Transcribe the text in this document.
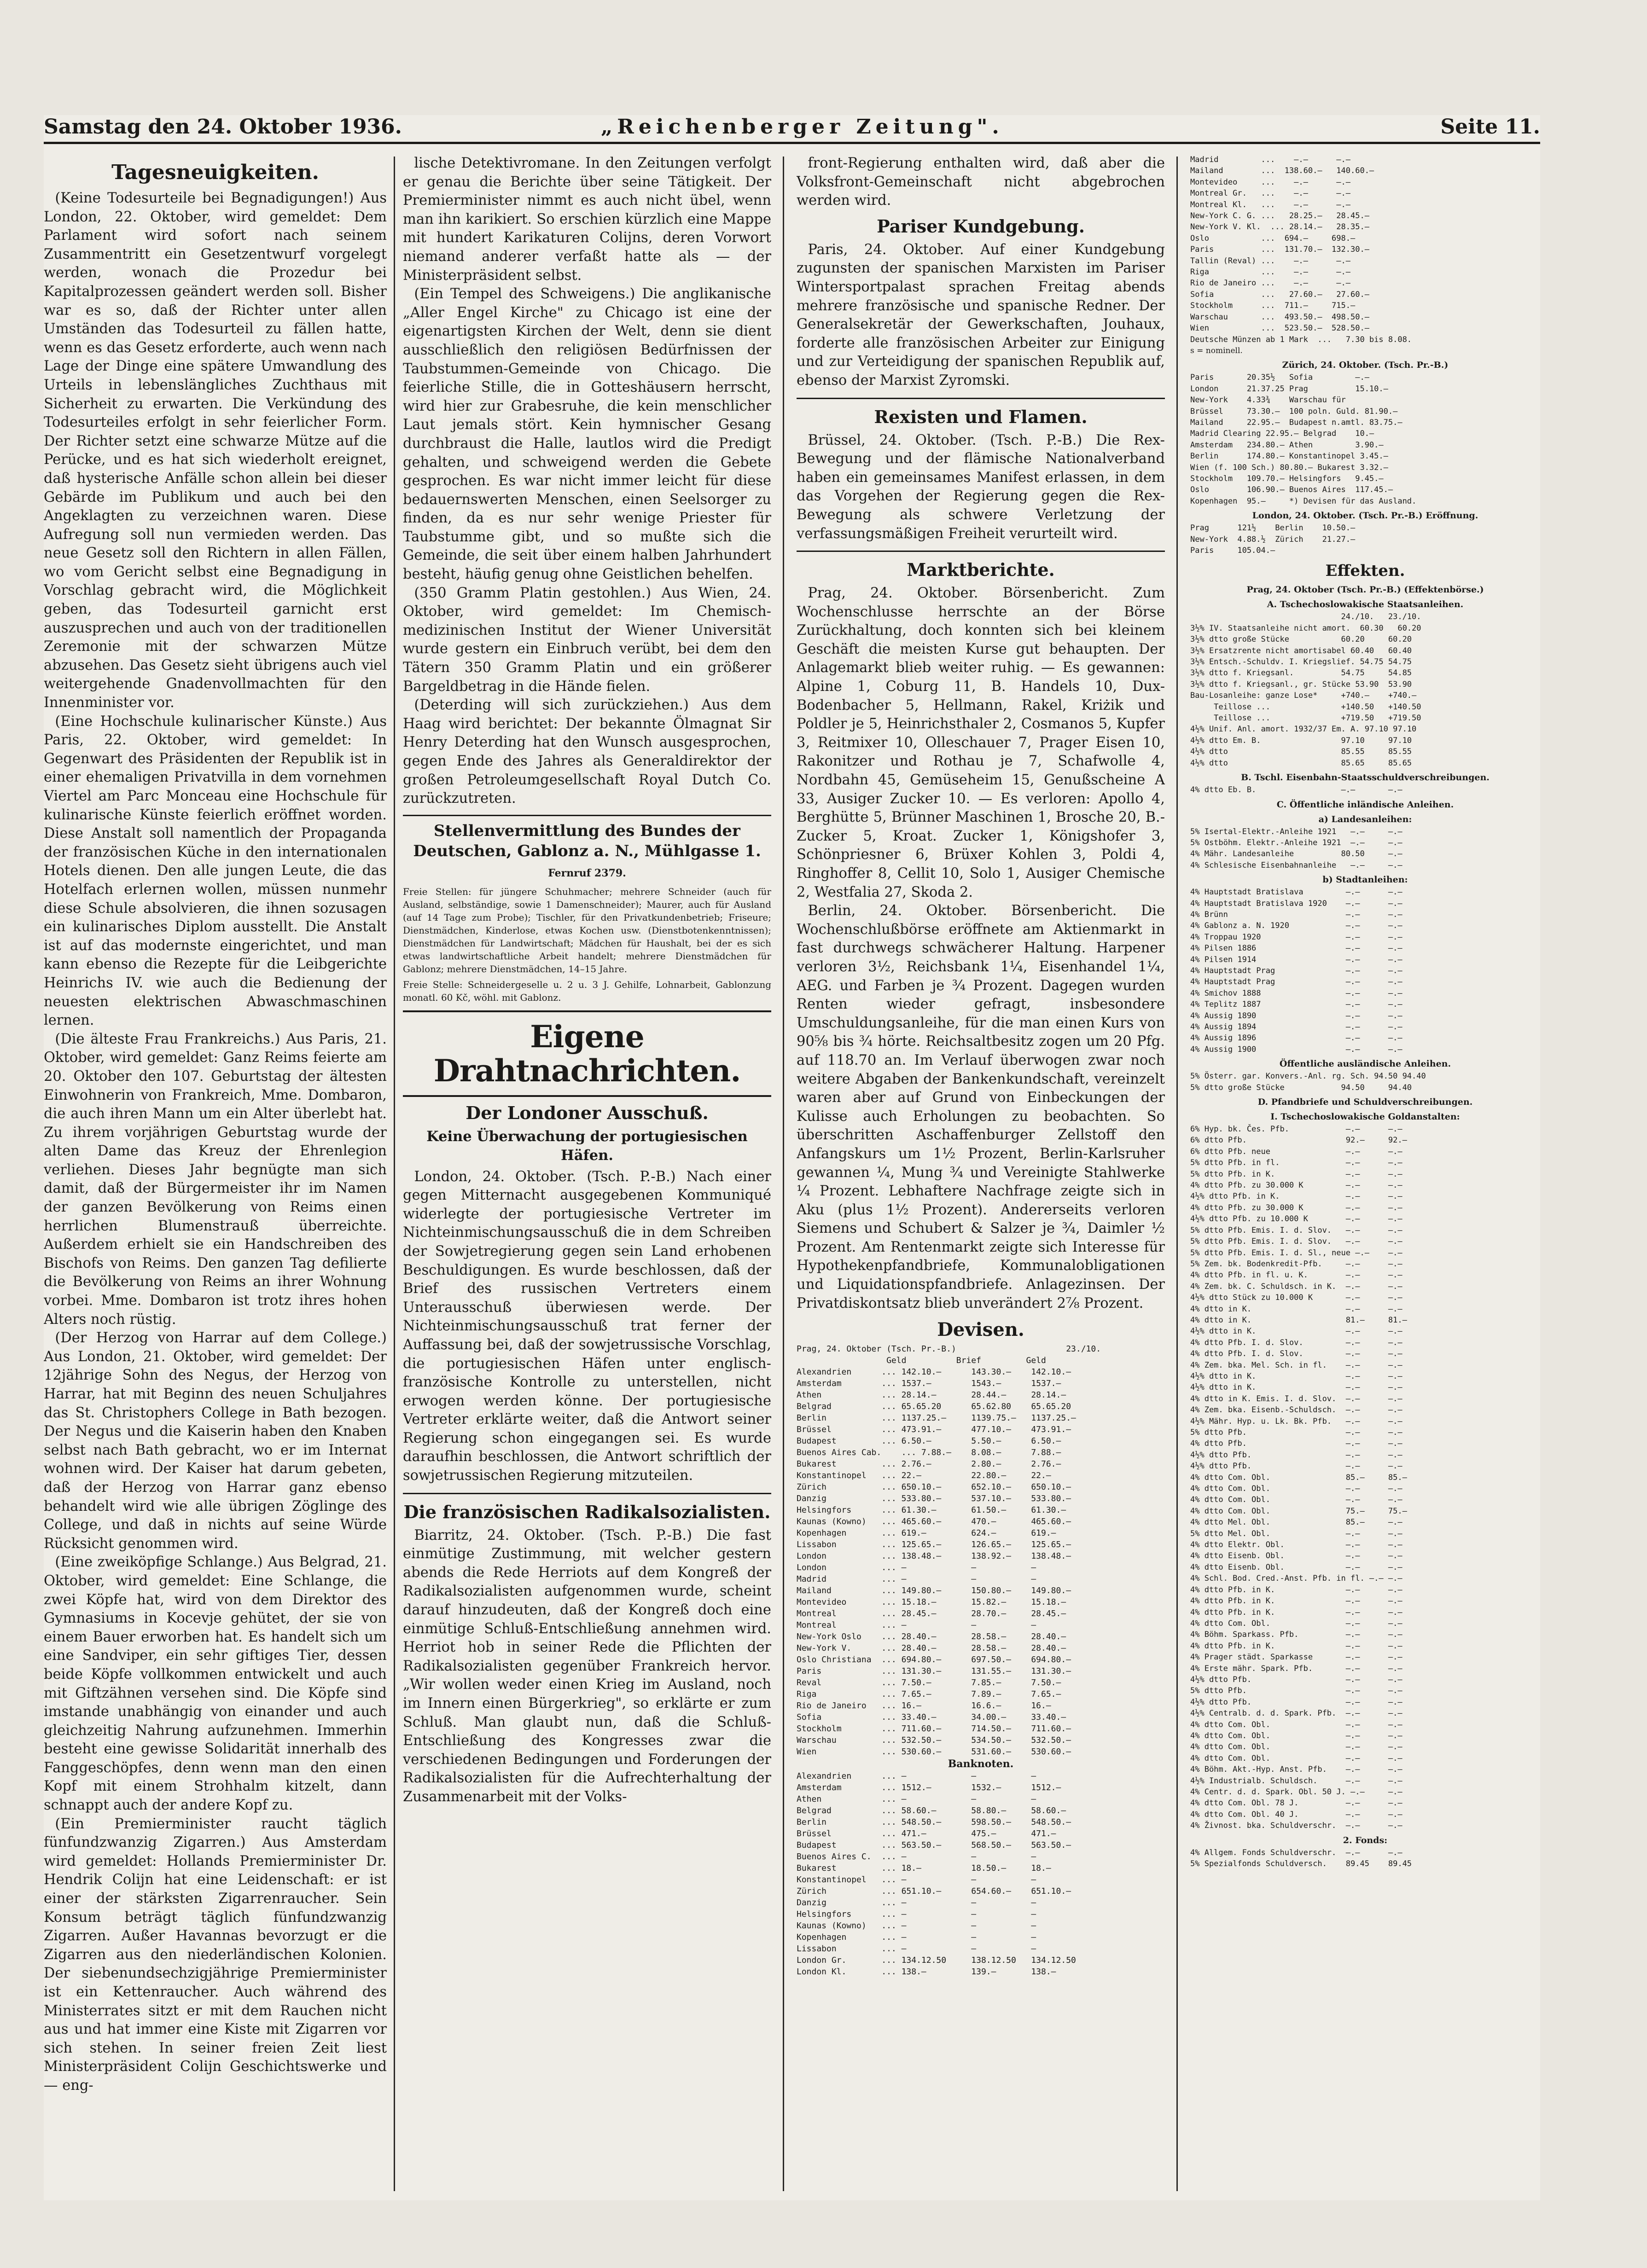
Samstag den 24. Oktober 1936.	„Reichenberger Zeitung".	Seite 11.
Tagesneuigkeiten.

(Keine Todesurteile bei Begnadigungen!) Aus London, 22. Oktober, wird gemeldet: Dem Parlament wird sofort nach seinem Zusammentritt ein Gesetzentwurf vorgelegt werden, wonach die Prozedur bei Kapitalprozessen geändert werden soll. Bisher war es so, daß der Richter unter allen Umständen das Todesurteil zu fällen hatte, wenn es das Gesetz erforderte, auch wenn nach Lage der Dinge eine spätere Umwandlung des Urteils in lebenslängliches Zuchthaus mit Sicherheit zu erwarten. Die Verkündung des Todesurteiles erfolgt in sehr feierlicher Form. Der Richter setzt eine schwarze Mütze auf die Perücke, und es hat sich wiederholt ereignet, daß hysterische Anfälle schon allein bei dieser Gebärde im Publikum und auch bei den Angeklagten zu verzeichnen waren. Diese Aufregung soll nun vermieden werden. Das neue Gesetz soll den Richtern in allen Fällen, wo vom Gericht selbst eine Begnadigung in Vorschlag gebracht wird, die Möglichkeit geben, das Todesurteil garnicht erst auszusprechen und auch von der traditionellen Zeremonie mit der schwarzen Mütze abzusehen. Das Gesetz sieht übrigens auch viel weitergehende Gnadenvollmachten für den Innenminister vor.

(Eine Hochschule kulinarischer Künste.) Aus Paris, 22. Oktober, wird gemeldet: In Gegenwart des Präsidenten der Republik ist in einer ehemaligen Privatvilla in dem vornehmen Viertel am Parc Monceau eine Hochschule für kulinarische Künste feierlich eröffnet worden. Diese Anstalt soll namentlich der Propaganda der französischen Küche in den internationalen Hotels dienen. Den alle jungen Leute, die das Hotelfach erlernen wollen, müssen nunmehr diese Schule absolvieren, die ihnen sozusagen ein kulinarisches Diplom ausstellt. Die Anstalt ist auf das modernste eingerichtet, und man kann ebenso die Rezepte für die Leibgerichte Heinrichs IV. wie auch die Bedienung der neuesten elektrischen Abwaschmaschinen lernen.

(Die älteste Frau Frankreichs.) Aus Paris, 21. Oktober, wird gemeldet: Ganz Reims feierte am 20. Oktober den 107. Geburtstag der ältesten Einwohnerin von Frankreich, Mme. Dombaron, die auch ihren Mann um ein Alter überlebt hat. Zu ihrem vorjährigen Geburtstag wurde der alten Dame das Kreuz der Ehrenlegion verliehen. Dieses Jahr begnügte man sich damit, daß der Bürgermeister ihr im Namen der ganzen Bevölkerung von Reims einen herrlichen Blumenstrauß überreichte. Außerdem erhielt sie ein Handschreiben des Bischofs von Reims. Den ganzen Tag defilierte die Bevölkerung von Reims an ihrer Wohnung vorbei. Mme. Dombaron ist trotz ihres hohen Alters noch rüstig.

(Der Herzog von Harrar auf dem College.) Aus London, 21. Oktober, wird gemeldet: Der 12jährige Sohn des Negus, der Herzog von Harrar, hat mit Beginn des neuen Schuljahres das St. Christophers College in Bath bezogen. Der Negus und die Kaiserin haben den Knaben selbst nach Bath gebracht, wo er im Internat wohnen wird. Der Kaiser hat darum gebeten, daß der Herzog von Harrar ganz ebenso behandelt wird wie alle übrigen Zöglinge des College, und daß in nichts auf seine Würde Rücksicht genommen wird.

(Eine zweiköpfige Schlange.) Aus Belgrad, 21. Oktober, wird gemeldet: Eine Schlange, die zwei Köpfe hat, wird von dem Direktor des Gymnasiums in Kocevje gehütet, der sie von einem Bauer erworben hat. Es handelt sich um eine Sandviper, ein sehr giftiges Tier, dessen beide Köpfe vollkommen entwickelt und auch mit Giftzähnen versehen sind. Die Köpfe sind imstande unabhängig von einander und auch gleichzeitig Nahrung aufzunehmen. Immerhin besteht eine gewisse Solidarität innerhalb des Fanggeschöpfes, denn wenn man den einen Kopf mit einem Strohhalm kitzelt, dann schnappt auch der andere Kopf zu.

(Ein Premierminister raucht täglich fünfundzwanzig Zigarren.) Aus Amsterdam wird gemeldet: Hollands Premierminister Dr. Hendrik Colijn hat eine Leidenschaft: er ist einer der stärksten Zigarrenraucher. Sein Konsum beträgt täglich fünfundzwanzig Zigarren. Außer Havannas bevorzugt er die Zigarren aus den niederländischen Kolonien. Der siebenundsechzigjährige Premierminister ist ein Kettenraucher. Auch während des Ministerrates sitzt er mit dem Rauchen nicht aus und hat immer eine Kiste mit Zigarren vor sich stehen. In seiner freien Zeit liest Ministerpräsident Colijn Geschichtswerke und — eng-

lische Detektivromane. In den Zeitungen verfolgt er genau die Berichte über seine Tätigkeit. Der Premierminister nimmt es auch nicht übel, wenn man ihn karikiert. So erschien kürzlich eine Mappe mit hundert Karikaturen Colijns, deren Vorwort niemand anderer verfaßt hatte als — der Ministerpräsident selbst.

(Ein Tempel des Schweigens.) Die anglikanische „Aller Engel Kirche" zu Chicago ist eine der eigenartigsten Kirchen der Welt, denn sie dient ausschließlich den religiösen Bedürfnissen der Taubstummen-Gemeinde von Chicago. Die feierliche Stille, die in Gotteshäusern herrscht, wird hier zur Grabesruhe, die kein menschlicher Laut jemals stört. Kein hymnischer Gesang durchbraust die Halle, lautlos wird die Predigt gehalten, und schweigend werden die Gebete gesprochen. Es war nicht immer leicht für diese bedauernswerten Menschen, einen Seelsorger zu finden, da es nur sehr wenige Priester für Taubstumme gibt, und so mußte sich die Gemeinde, die seit über einem halben Jahrhundert besteht, häufig genug ohne Geistlichen behelfen.

(350 Gramm Platin gestohlen.) Aus Wien, 24. Oktober, wird gemeldet: Im Chemisch-medizinischen Institut der Wiener Universität wurde gestern ein Einbruch verübt, bei dem den Tätern 350 Gramm Platin und ein größerer Bargeldbetrag in die Hände fielen.

(Deterding will sich zurückziehen.) Aus dem Haag wird berichtet: Der bekannte Ölmagnat Sir Henry Deterding hat den Wunsch ausgesprochen, gegen Ende des Jahres als Generaldirektor der großen Petroleumgesellschaft Royal Dutch Co. zurückzutreten.

Stellenvermittlung des Bundes der Deutschen, Gablonz a. N., Mühlgasse 1.
Fernruf 2379.
Freie Stellen: für jüngere Schuhmacher; mehrere Schneider (auch für Ausland, selbständige, sowie 1 Damenschneider); Maurer, auch für Ausland (auf 14 Tage zum Probe); Tischler, für den Privatkundenbetrieb; Friseure; Dienstmädchen, Kinderlose, etwas Kochen usw. (Dienstbotenkenntnissen); Dienstmädchen für Landwirtschaft; Mädchen für Haushalt, bei der es sich etwas landwirtschaftliche Arbeit handelt; mehrere Dienstmädchen für Gablonz; mehrere Dienstmädchen, 14–15 Jahre.
Freie Stelle: Schneidergeselle u. 2 u. 3 J. Gehilfe, Lohnarbeit, Gablonzung monatl. 60 Kč, wöhl. mit Gablonz.
Eigene Drahtnachrichten.
Der Londoner Ausschuß.
Keine Überwachung der portugiesischen Häfen.

London, 24. Oktober. (Tsch. P.-B.) Nach einer gegen Mitternacht ausgegebenen Kommuniqué widerlegte der portugiesische Vertreter im Nichteinmischungsausschuß die in dem Schreiben der Sowjetregierung gegen sein Land erhobenen Beschuldigungen. Es wurde beschlossen, daß der Brief des russischen Vertreters einem Unterausschuß überwiesen werde. Der Nichteinmischungsausschuß trat ferner der Auffassung bei, daß der sowjetrussische Vorschlag, die portugiesischen Häfen unter englisch-französische Kontrolle zu unterstellen, nicht erwogen werden könne. Der portugiesische Vertreter erklärte weiter, daß die Antwort seiner Regierung schon eingegangen sei. Es wurde daraufhin beschlossen, die Antwort schriftlich der sowjetrussischen Regierung mitzuteilen.

Die französischen Radikalsozialisten.

Biarritz, 24. Oktober. (Tsch. P.-B.) Die fast einmütige Zustimmung, mit welcher gestern abends die Rede Herriots auf dem Kongreß der Radikalsozialisten aufgenommen wurde, scheint darauf hinzudeuten, daß der Kongreß doch eine einmütige Schluß-Entschließung annehmen wird. Herriot hob in seiner Rede die Pflichten der Radikalsozialisten gegenüber Frankreich hervor. „Wir wollen weder einen Krieg im Ausland, noch im Innern einen Bürgerkrieg", so erklärte er zum Schluß. Man glaubt nun, daß die Schluß-Entschließung des Kongresses zwar die verschiedenen Bedingungen und Forderungen der Radikalsozialisten für die Aufrechterhaltung der Zusammenarbeit mit der Volks-

front-Regierung enthalten wird, daß aber die Volksfront-Gemeinschaft nicht abgebrochen werden wird.

Pariser Kundgebung.

Paris, 24. Oktober. Auf einer Kundgebung zugunsten der spanischen Marxisten im Pariser Wintersportpalast sprachen Freitag abends mehrere französische und spanische Redner. Der Generalsekretär der Gewerkschaften, Jouhaux, forderte alle französischen Arbeiter zur Einigung und zur Verteidigung der spanischen Republik auf, ebenso der Marxist Zyromski.

Rexisten und Flamen.

Brüssel, 24. Oktober. (Tsch. P.-B.) Die Rex-Bewegung und der flämische Nationalverband haben ein gemeinsames Manifest erlassen, in dem das Vorgehen der Regierung gegen die Rex-Bewegung als schwere Verletzung der verfassungsmäßigen Freiheit verurteilt wird.

Marktberichte.

Prag, 24. Oktober. Börsenbericht. Zum Wochenschlusse herrschte an der Börse Zurückhaltung, doch konnten sich bei kleinem Geschäft die meisten Kurse gut behaupten. Der Anlagemarkt blieb weiter ruhig. — Es gewannen: Alpine 1, Coburg 11, B. Handels 10, Dux-Bodenbacher 5, Hellmann, Rakel, Kriżik und Poldler je 5, Heinrichsthaler 2, Cosmanos 5, Kupfer 3, Reitmixer 10, Olleschauer 7, Prager Eisen 10, Rakonitzer und Rothau je 7, Schafwolle 4, Nordbahn 45, Gemüseheim 15, Genußscheine A 33, Ausiger Zucker 10. — Es verloren: Apollo 4, Berghütte 5, Brünner Maschinen 1, Brosche 20, B.-Zucker 5, Kroat. Zucker 1, Königshofer 3, Schönpriesner 6, Brüxer Kohlen 3, Poldi 4, Ringhoffer 8, Cellit 10, Solo 1, Ausiger Chemische 2, Westfalia 27, Skoda 2.

Berlin, 24. Oktober. Börsenbericht. Die Wochenschlußbörse eröffnete am Aktienmarkt in fast durchwegs schwächerer Haltung. Harpener verloren 3½, Reichsbank 1¼, Eisenhandel 1¼, AEG. und Farben je ¾ Prozent. Dagegen wurden Renten wieder gefragt, insbesondere Umschuldungsanleihe, für die man einen Kurs von 90⅝ bis ¾ hörte. Reichsaltbesitz zogen um 20 Pfg. auf 118.70 an. Im Verlauf überwogen zwar noch weitere Abgaben der Bankenkundschaft, vereinzelt waren aber auf Grund von Einbeckungen der Kulisse auch Erholungen zu beobachten. So überschritten Aschaffenburger Zellstoff den Anfangskurs um 1½ Prozent, Berlin-Karlsruher gewannen ¼, Mung ¾ und Vereinigte Stahlwerke ¼ Prozent. Lebhaftere Nachfrage zeigte sich in Aku (plus 1½ Prozent). Andererseits verloren Siemens und Schubert & Salzer je ¾, Daimler ½ Prozent. Am Rentenmarkt zeigte sich Interesse für Hypothekenpfandbriefe, Kommunalobligationen und Liquidationspfandbriefe. Anlagezinsen. Der Privatdiskontsatz blieb unverändert 2⅞ Prozent.

Devisen.
Prag, 24. Oktober (Tsch. Pr.-B.)                      23./10.
Geld          Brief         Geld
Alexandrien      ... 142.10.—      143.30.—    142.10.—
Amsterdam        ... 1537.—        1543.—      1537.—
Athen            ... 28.14.—       28.44.—     28.14.—
Belgrad          ... 65.65.20      65.62.80    65.65.20
Berlin           ... 1137.25.—     1139.75.—   1137.25.—
Brüssel          ... 473.91.—      477.10.—    473.91.—
Budapest         ... 6.50.—        5.50.—      6.50.—
Buenos Aires Cab.    ... 7.88.—    8.08.—      7.88.—
Bukarest         ... 2.76.—        2.80.—      2.76.—
Konstantinopel   ... 22.—          22.80.—     22.—
Zürich           ... 650.10.—      652.10.—    650.10.—
Danzig           ... 533.80.—      537.10.—    533.80.—
Helsingfors      ... 61.30.—       61.50.—     61.30.—
Kaunas (Kowno)   ... 465.60.—      470.—       465.60.—
Kopenhagen       ... 619.—         624.—       619.—
Lissabon         ... 125.65.—      126.65.—    125.65.—
London           ... 138.48.—      138.92.—    138.48.—
London           ... —             —           —
Madrid           ... —             —           —
Mailand          ... 149.80.—      150.80.—    149.80.—
Montevideo       ... 15.18.—       15.82.—     15.18.—
Montreal         ... 28.45.—       28.70.—     28.45.—
Montreal         ... —             —           —
New-York Oslo    ... 28.40.—       28.58.—     28.40.—
New-York V.      ... 28.40.—       28.58.—     28.40.—
Oslo Christiana  ... 694.80.—      697.50.—    694.80.—
Paris            ... 131.30.—      131.55.—    131.30.—
Reval            ... 7.50.—        7.85.—      7.50.—
Riga             ... 7.65.—        7.89.—      7.65.—
Rio de Janeiro   ... 16.—          16.6.—      16.—
Sofia            ... 33.40.—       34.00.—     33.40.—
Stockholm        ... 711.60.—      714.50.—    711.60.—
Warschau         ... 532.50.—      534.50.—    532.50.—
Wien             ... 530.60.—      531.60.—    530.60.—
Banknoten.
Alexandrien      ... —             —           —
Amsterdam        ... 1512.—        1532.—      1512.—
Athen            ... —             —           —
Belgrad          ... 58.60.—       58.80.—     58.60.—
Berlin           ... 548.50.—      598.50.—    548.50.—
Brüssel          ... 471.—         475.—       471.—
Budapest         ... 563.50.—      568.50.—    563.50.—
Buenos Aires C.  ... —             —           —
Bukarest         ... 18.—          18.50.—     18.—
Konstantinopel   ... —             —           —
Zürich           ... 651.10.—      654.60.—    651.10.—
Danzig           ... —             —           —
Helsingfors      ... —             —           —
Kaunas (Kowno)   ... —             —           —
Kopenhagen       ... —             —           —
Lissabon         ... —             —           —
London Gr.       ... 134.12.50     138.12.50   134.12.50
London Kl.       ... 138.—         139.—       138.—
Madrid         ...    —.—      —.—
Mailand        ...  138.60.—   140.60.—
Montevideo     ...    —.—      —.—
Montreal Gr.   ...    —.—      —.—
Montreal Kl.   ...    —.—      —.—
New-York C. G. ...   28.25.—   28.45.—
New-York V. Kl.  ... 28.14.—   28.35.—
Oslo           ...  694.—     698.—
Paris          ...  131.70.—  132.30.—
Tallin (Reval) ...    —.—      —.—
Riga           ...    —.—      —.—
Rio de Janeiro ...    —.—      —.—
Sofia          ...   27.60.—   27.60.—
Stockholm      ...  711.—     715.—
Warschau       ...  493.50.—  498.50.—
Wien           ...  523.50.—  528.50.—
Deutsche Münzen ab 1 Mark  ...   7.30 bis 8.08.
s = nominell.
Zürich, 24. Oktober. (Tsch. Pr.-B.)
Paris       20.35½   Sofia         —.—
London      21.37.25 Prag          15.10.—
New-York    4.33¾    Warschau für
Brüssel     73.30.—  100 poln. Guld. 81.90.—
Mailand     22.95.—  Budapest n.amtl. 83.75.—
Madrid Clearing 22.95.— Belgrad    10.—
Amsterdam   234.80.— Athen         3.90.—
Berlin      174.80.— Konstantinopel 3.45.—
Wien (f. 100 Sch.) 80.80.— Bukarest 3.32.—
Stockholm   109.70.— Helsingfors   9.45.—
Oslo        106.90.— Buenos Aires  117.45.—
Kopenhagen  95.—     *) Devisen für das Ausland.
London, 24. Oktober. (Tsch. Pr.-B.) Eröffnung.
Prag      121½    Berlin    10.50.—
New-York  4.88.½  Zürich    21.27.—
Paris     105.04.—
Effekten.
Prag, 24. Oktober (Tsch. Pr.-B.) (Effektenbörse.)
A. Tschechoslowakische Staatsanleihen.
24./10.   23./10.
3½% IV. Staatsanleihe nicht amort.  60.30   60.20
3½% dtto große Stücke           60.20     60.20
3½% Ersatzrente nicht amortisabel 60.40   60.40
3½% Entsch.-Schuldv. I. Kriegslief. 54.75 54.75
3½% dtto f. Kriegsanl.          54.75     54.85
3½% dtto f. Kriegsanl., gr. Stücke 53.90  53.90
Bau-Losanleihe: ganze Lose*     +740.—    +740.—
Teillose ...               +140.50   +140.50
Teillose ...               +719.50   +719.50
4½% Unif. Anl. amort. 1932/37 Em. A. 97.10 97.10
4½% dtto Em. B.                 97.10     97.10
4½% dtto                        85.55     85.55
4½% dtto                        85.65     85.65
B. Tschl. Eisenbahn-Staatsschuldverschreibungen.
4% dtto Eb. B.                  —.—       —.—
C. Öffentliche inländische Anleihen.
a) Landesanleihen:
5% Isertal-Elektr.-Anleihe 1921   —.—     —.—
5% Ostböhm. Elektr.-Anleihe 1921  —.—     —.—
4% Mähr. Landesanleihe          80.50     —.—
4% Schlesische Eisenbahnanleihe   —.—     —.—
b) Stadtanleihen:
4% Hauptstadt Bratislava         —.—      —.—
4% Hauptstadt Bratislava 1920    —.—      —.—
4% Brünn                         —.—      —.—
4% Gablonz a. N. 1920            —.—      —.—
4% Troppau 1920                  —.—      —.—
4% Pilsen 1886                   —.—      —.—
4% Pilsen 1914                   —.—      —.—
4% Hauptstadt Prag               —.—      —.—
4% Hauptstadt Prag               —.—      —.—
4% Smichov 1888                  —.—      —.—
4% Teplitz 1887                  —.—      —.—
4% Aussig 1890                   —.—      —.—
4% Aussig 1894                   —.—      —.—
4% Aussig 1896                   —.—      —.—
4% Aussig 1900                   —.—      —.—
Öffentliche ausländische Anleihen.
5% Österr. gar. Konvers.-Anl. rg. Sch. 94.50 94.40
5% dtto große Stücke            94.50     94.40
D. Pfandbriefe und Schuldverschreibungen.
I. Tschechoslowakische Goldanstalten:
6% Hyp. bk. Čes. Pfb.            —.—      —.—
6% dtto Pfb.                     92.—     92.—
6% dtto Pfb. neue                —.—      —.—
5% dtto Pfb. in fl.              —.—      —.—
5% dtto Pfb. in K.               —.—      —.—
4% dtto Pfb. zu 30.000 K         —.—      —.—
4½% dtto Pfb. in K.              —.—      —.—
4% dtto Pfb. zu 30.000 K         —.—      —.—
4½% dtto Pfb. zu 10.000 K        —.—      —.—
5% dtto Pfb. Emis. I. d. Slov.   —.—      —.—
5% dtto Pfb. Emis. I. d. Slov.   —.—      —.—
5% dtto Pfb. Emis. I. d. Sl., neue —.—    —.—
5% Zem. bk. Bodenkredit-Pfb.     —.—      —.—
4% dtto Pfb. in fl. u. K.        —.—      —.—
4% Zem. bk. C. Schuldsch. in K.  —.—      —.—
4½% dtto Stück zu 10.000 K       —.—      —.—
4% dtto in K.                    —.—      —.—
4% dtto in K.                    81.—     81.—
4½% dtto in K.                   —.—      —.—
4% dtto Pfb. I. d. Slov.         —.—      —.—
4% dtto Pfb. I. d. Slov.         —.—      —.—
4% Zem. bka. Mel. Sch. in fl.    —.—      —.—
4½% dtto in K.                   —.—      —.—
4½% dtto in K.                   —.—      —.—
4% dtto in K. Emis. I. d. Slov.  —.—      —.—
4% Zem. bka. Eisenb.-Schuldsch.  —.—      —.—
4½% Mähr. Hyp. u. Lk. Bk. Pfb.   —.—      —.—
5% dtto Pfb.                     —.—      —.—
4% dtto Pfb.                     —.—      —.—
4½% dtto Pfb.                    —.—      —.—
4½% dtto Pfb.                    —.—      —.—
4% dtto Com. Obl.                85.—     85.—
4% dtto Com. Obl.                —.—      —.—
4% dtto Com. Obl.                —.—      —.—
4% dtto Com. Obl.                75.—     75.—
4% dtto Mel. Obl.                85.—     —.—
5% dtto Mel. Obl.                —.—      —.—
4% dtto Elektr. Obl.             —.—      —.—
4% dtto Eisenb. Obl.             —.—      —.—
4% dtto Eisenb. Obl.             —.—      —.—
4% Schl. Bod. Cred.-Anst. Pfb. in fl. —.— —.—
4% dtto Pfb. in K.               —.—      —.—
4% dtto Pfb. in K.               —.—      —.—
4% dtto Pfb. in K.               —.—      —.—
4% dtto Com. Obl.                —.—      —.—
4% Böhm. Sparkass. Pfb.          —.—      —.—
4% dtto Pfb. in K.               —.—      —.—
4% Prager städt. Sparkasse       —.—      —.—
4% Erste mähr. Spark. Pfb.       —.—      —.—
4½% dtto Pfb.                    —.—      —.—
5% dtto Pfb.                     —.—      —.—
4½% dtto Pfb.                    —.—      —.—
4½% Centralb. d. d. Spark. Pfb.  —.—      —.—
4% dtto Com. Obl.                —.—      —.—
4% dtto Com. Obl.                —.—      —.—
4% dtto Com. Obl.                —.—      —.—
4% dtto Com. Obl.                —.—      —.—
4% Böhm. Akt.-Hyp. Anst. Pfb.    —.—      —.—
4½% Industrialb. Schuldsch.      —.—      —.—
4% Centr. d. d. Spark. Obl. 50 J. —.—     —.—
4% dtto Com. Obl. 78 J.          —.—      —.—
4% dtto Com. Obl. 40 J.          —.—      —.—
4% Živnost. bka. Schuldverschr.  —.—      —.—
2. Fonds:
4% Allgem. Fonds Schuldverschr.  —.—      —.—
5% Spezialfonds Schuldversch.    89.45    89.45
